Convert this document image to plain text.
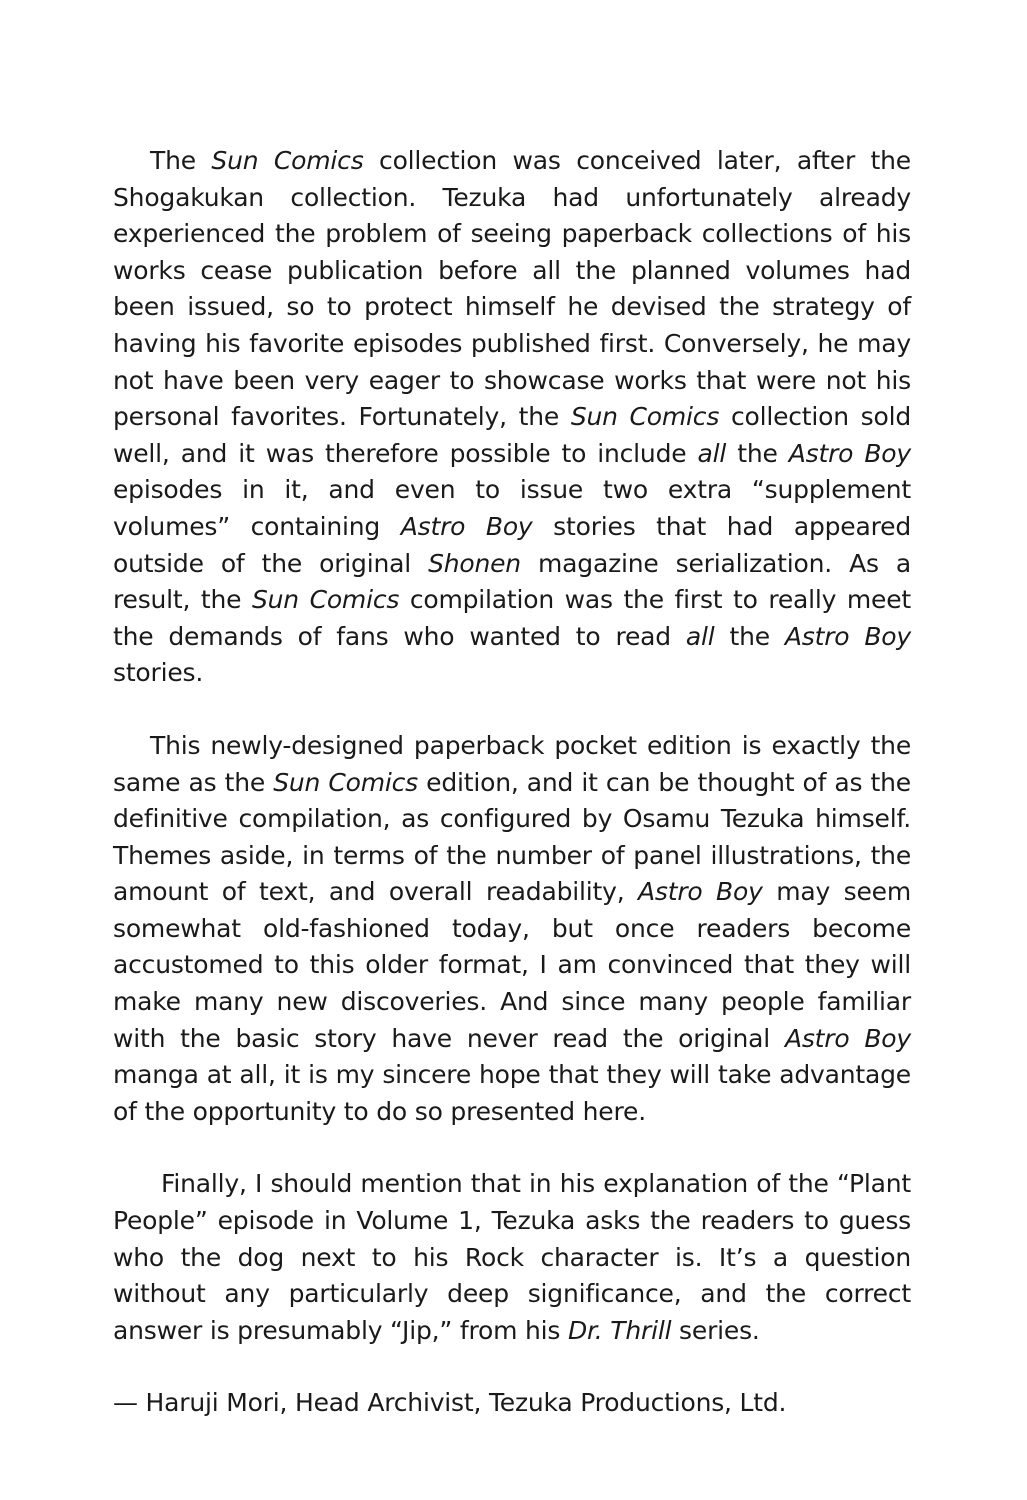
The Sun Comics collection was conceived later, after the Shogakukan collection. Tezuka had unfortunately already experienced the problem of seeing paperback collections of his works cease publication before all the planned volumes had been issued, so to protect himself he devised the strategy of having his favorite episodes published first. Conversely, he may not have been very eager to showcase works that were not his personal favorites. Fortunately, the Sun Comics collection sold well, and it was therefore possible to include all the Astro Boy episodes in it, and even to issue two extra “supplement volumes” containing Astro Boy stories that had appeared outside of the original Shonen magazine serialization. As a result, the Sun Comics compilation was the first to really meet the demands of fans who wanted to read all the Astro Boy stories.

This newly-designed paperback pocket edition is exactly the same as the Sun Comics edition, and it can be thought of as the definitive compilation, as configured by Osamu Tezuka himself. Themes aside, in terms of the number of panel illustrations, the amount of text, and overall readability, Astro Boy may seem somewhat old-fashioned today, but once readers become accustomed to this older format, I am convinced that they will make many new discoveries. And since many people familiar with the basic story have never read the original Astro Boy manga at all, it is my sincere hope that they will take advantage of the opportunity to do so presented here.

Finally, I should mention that in his explanation of the “Plant People” episode in Volume 1, Tezuka asks the readers to guess who the dog next to his Rock character is. It’s a question without any particularly deep significance, and the correct answer is presumably “Jip,” from his Dr. Thrill series.

— Haruji Mori, Head Archivist, Tezuka Productions, Ltd.
